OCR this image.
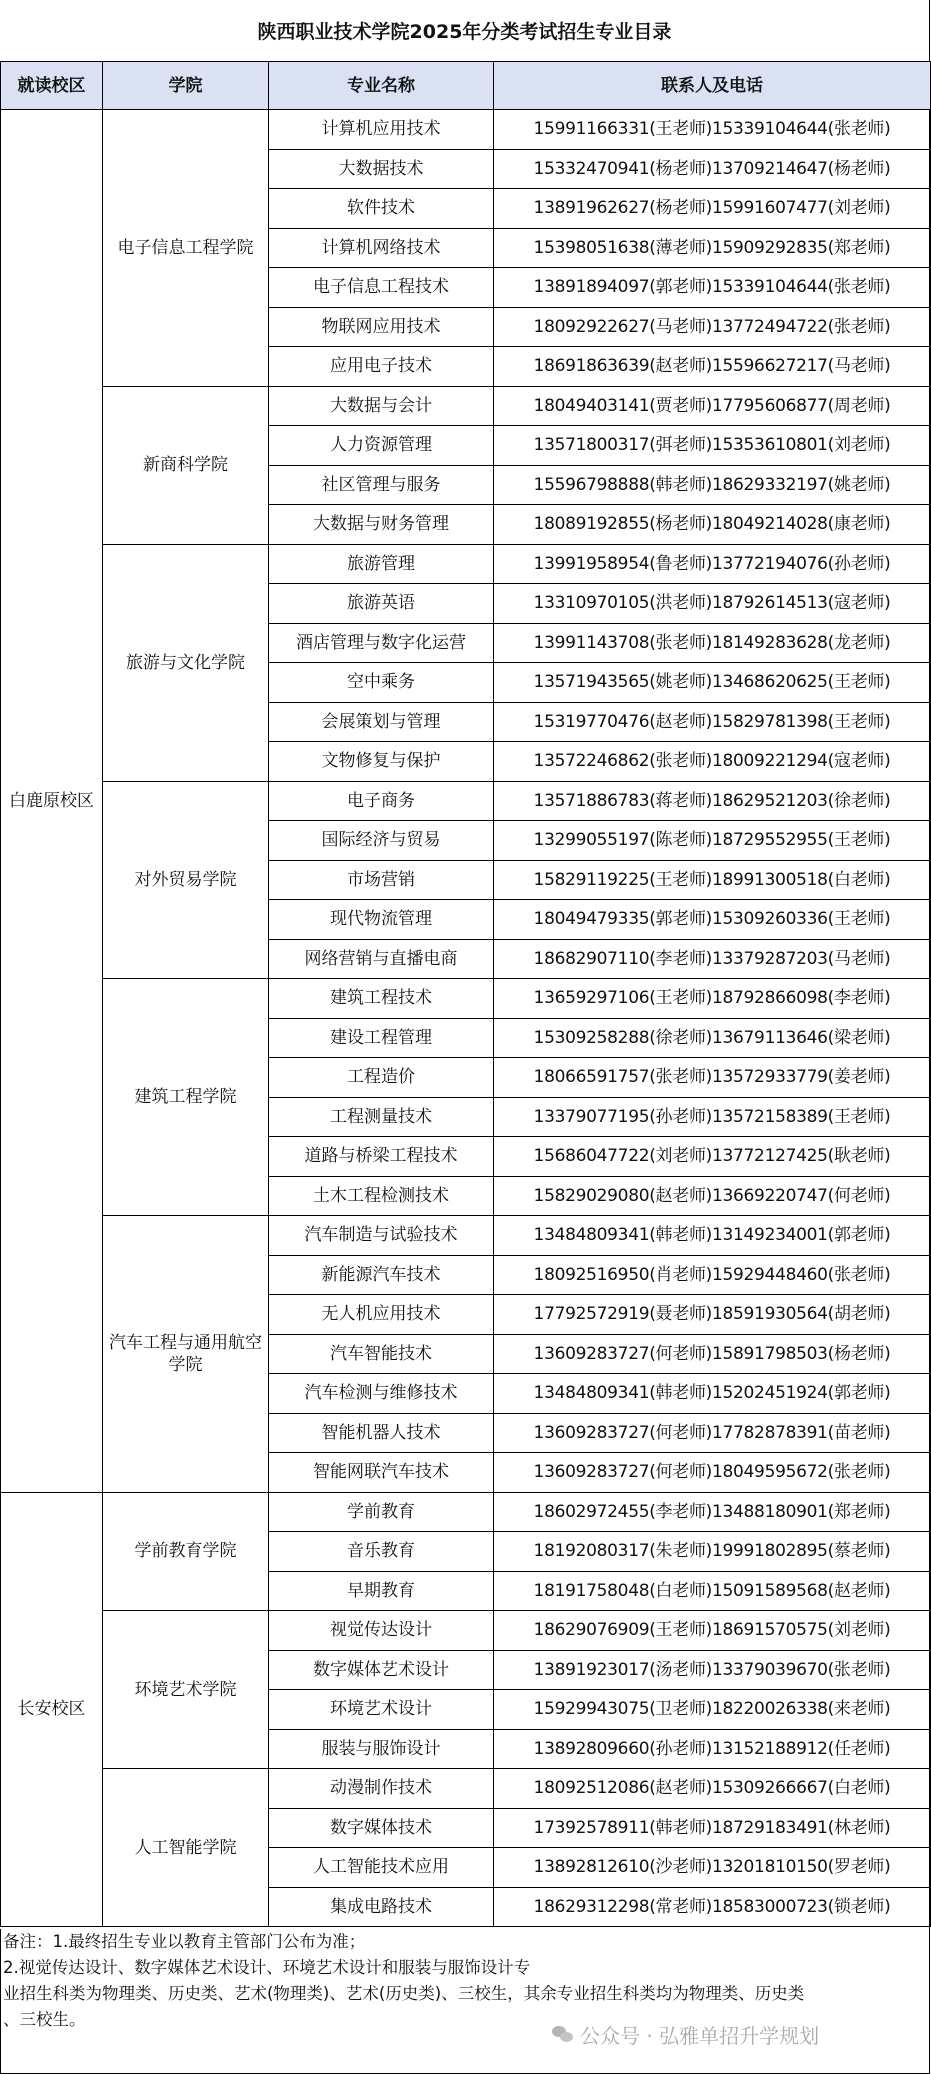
陕西职业技术学院2025年分类考试招生专业目录
就读校区	学院	专业名称	联系人及电话
白鹿原校区	电子信息工程学院	计算机应用技术	15991166331(王老师)15339104644(张老师)
		大数据技术	15332470941(杨老师)13709214647(杨老师)
		软件技术	13891962627(杨老师)15991607477(刘老师)
		计算机网络技术	15398051638(薄老师)15909292835(郑老师)
		电子信息工程技术	13891894097(郭老师)15339104644(张老师)
		物联网应用技术	18092922627(马老师)13772494722(张老师)
		应用电子技术	18691863639(赵老师)15596627217(马老师)
	新商科学院	大数据与会计	18049403141(贾老师)17795606877(周老师)
		人力资源管理	13571800317(弭老师)15353610801(刘老师)
		社区管理与服务	15596798888(韩老师)18629332197(姚老师)
		大数据与财务管理	18089192855(杨老师)18049214028(康老师)
	旅游与文化学院	旅游管理	13991958954(鲁老师)13772194076(孙老师)
		旅游英语	13310970105(洪老师)18792614513(寇老师)
		酒店管理与数字化运营	13991143708(张老师)18149283628(龙老师)
		空中乘务	13571943565(姚老师)13468620625(王老师)
		会展策划与管理	15319770476(赵老师)15829781398(王老师)
		文物修复与保护	13572246862(张老师)18009221294(寇老师)
	对外贸易学院	电子商务	13571886783(蒋老师)18629521203(徐老师)
		国际经济与贸易	13299055197(陈老师)18729552955(王老师)
		市场营销	15829119225(王老师)18991300518(白老师)
		现代物流管理	18049479335(郭老师)15309260336(王老师)
		网络营销与直播电商	18682907110(李老师)13379287203(马老师)
	建筑工程学院	建筑工程技术	13659297106(王老师)18792866098(李老师)
		建设工程管理	15309258288(徐老师)13679113646(梁老师)
		工程造价	18066591757(张老师)13572933779(姜老师)
		工程测量技术	13379077195(孙老师)13572158389(王老师)
		道路与桥梁工程技术	15686047722(刘老师)13772127425(耿老师)
		土木工程检测技术	15829029080(赵老师)13669220747(何老师)
	汽车工程与通用航空学院	汽车制造与试验技术	13484809341(韩老师)13149234001(郭老师)
		新能源汽车技术	18092516950(肖老师)15929448460(张老师)
		无人机应用技术	17792572919(聂老师)18591930564(胡老师)
		汽车智能技术	13609283727(何老师)15891798503(杨老师)
		汽车检测与维修技术	13484809341(韩老师)15202451924(郭老师)
		智能机器人技术	13609283727(何老师)17782878391(苗老师)
		智能网联汽车技术	13609283727(何老师)18049595672(张老师)
长安校区	学前教育学院	学前教育	18602972455(李老师)13488180901(郑老师)
		音乐教育	18192080317(朱老师)19991802895(蔡老师)
		早期教育	18191758048(白老师)15091589568(赵老师)
	环境艺术学院	视觉传达设计	18629076909(王老师)18691570575(刘老师)
		数字媒体艺术设计	13891923017(汤老师)13379039670(张老师)
		环境艺术设计	15929943075(卫老师)18220026338(来老师)
		服装与服饰设计	13892809660(孙老师)13152188912(任老师)
	人工智能学院	动漫制作技术	18092512086(赵老师)15309266667(白老师)
		数字媒体技术	17392578911(韩老师)18729183491(林老师)
		人工智能技术应用	13892812610(沙老师)13201810150(罗老师)
		集成电路技术	18629312298(常老师)18583000723(锁老师)
备注：1.最终招生专业以教育主管部门公布为准；
2.视觉传达设计、数字媒体艺术设计、环境艺术设计和服装与服饰设计专
业招生科类为物理类、历史类、艺术(物理类)、艺术(历史类)、三校生，其余专业招生科类均为物理类、历史类
、三校生。
公众号 · 弘雅单招升学规划
